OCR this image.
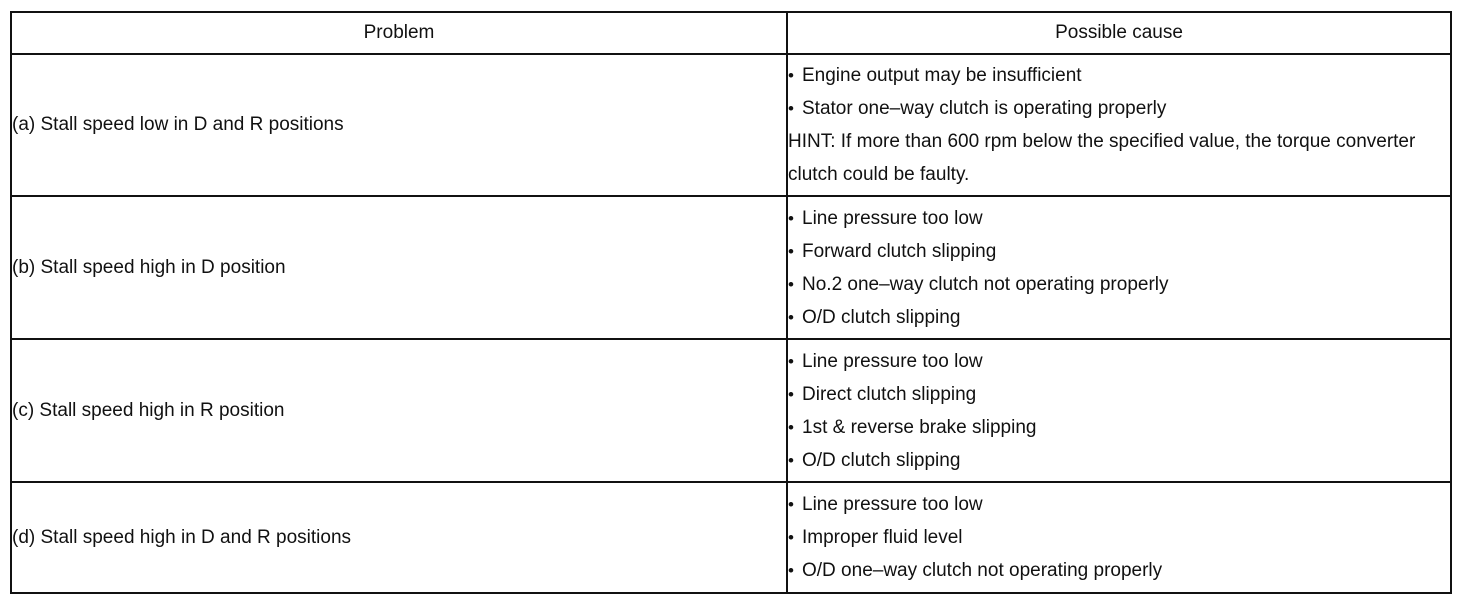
Problem	Possible cause
(a) Stall speed low in D and R positions	• Engine output may be insufficient
• Stator one–way clutch is operating properly
HINT: If more than 600 rpm below the specified value, the torque converter clutch could be faulty.

(b) Stall speed high in D position	• Line pressure too low
• Forward clutch slipping
• No.2 one–way clutch not operating properly
• O/D clutch slipping

(c) Stall speed high in R position	• Line pressure too low
• Direct clutch slipping
• 1st & reverse brake slipping
• O/D clutch slipping

(d) Stall speed high in D and R positions	• Line pressure too low
• Improper fluid level
• O/D one–way clutch not operating properly
